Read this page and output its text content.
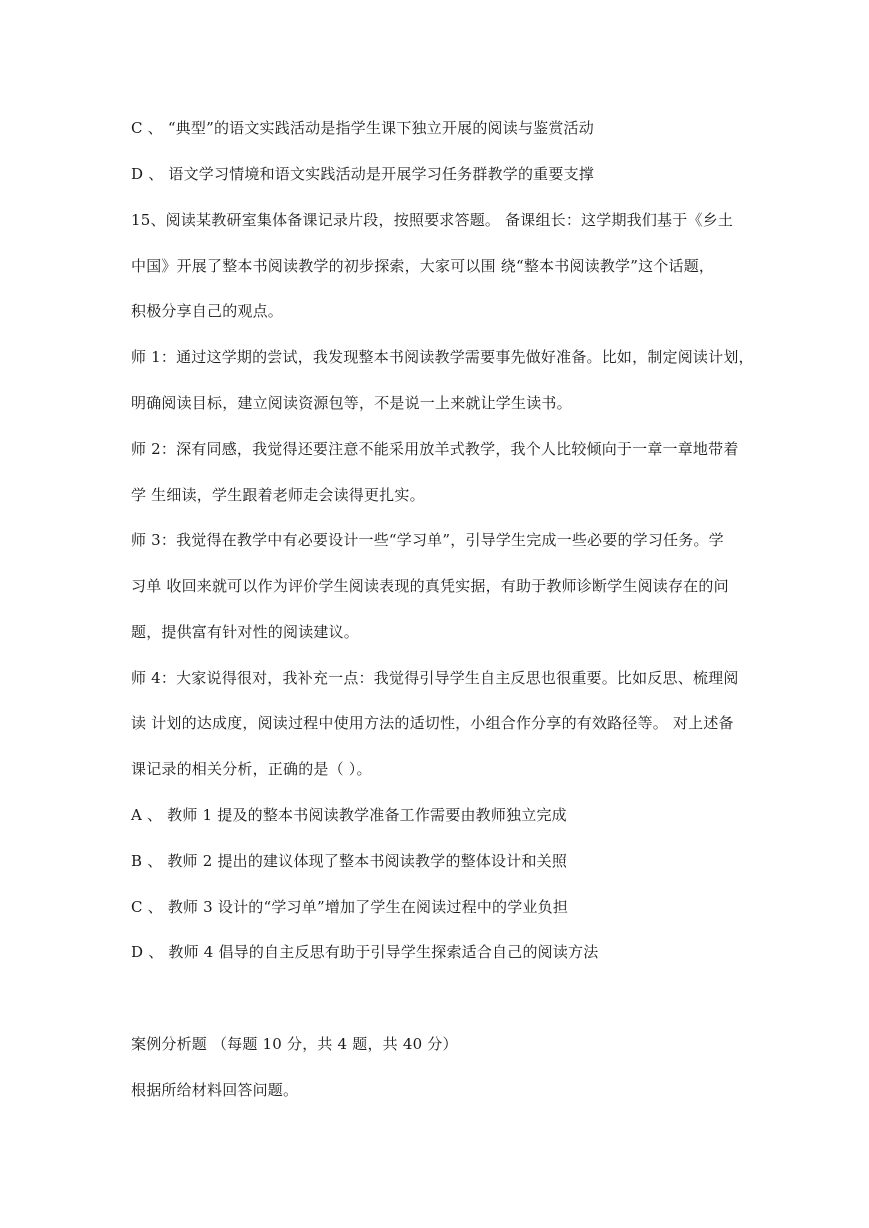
C 、 “典型”的语文实践活动是指学生课下独立开展的阅读与鉴赏活动
D 、 语文学习情境和语文实践活动是开展学习任务群教学的重要支撑
15、阅读某教研室集体备课记录片段，按照要求答题。 备课组长：这学期我们基于《乡土
中国》开展了整本书阅读教学的初步探索，大家可以围 绕“整本书阅读教学”这个话题，
积极分享自己的观点。
师 1：通过这学期的尝试，我发现整本书阅读教学需要事先做好准备。比如，制定阅读计划，
明确阅读目标，建立阅读资源包等，不是说一上来就让学生读书。
师 2：深有同感，我觉得还要注意不能采用放羊式教学，我个人比较倾向于一章一章地带着
学 生细读，学生跟着老师走会读得更扎实。
师 3：我觉得在教学中有必要设计一些“学习单”，引导学生完成一些必要的学习任务。学
习单 收回来就可以作为评价学生阅读表现的真凭实据，有助于教师诊断学生阅读存在的问
题，提供富有针对性的阅读建议。
师 4：大家说得很对，我补充一点：我觉得引导学生自主反思也很重要。比如反思、梳理阅
读 计划的达成度，阅读过程中使用方法的适切性，小组合作分享的有效路径等。 对上述备
课记录的相关分析，正确的是（ ）。
A 、 教师 1 提及的整本书阅读教学准备工作需要由教师独立完成
B 、 教师 2 提出的建议体现了整本书阅读教学的整体设计和关照
C 、 教师 3 设计的“学习单”增加了学生在阅读过程中的学业负担
D 、 教师 4 倡导的自主反思有助于引导学生探索适合自己的阅读方法
案例分析题 （每题 10 分，共 4 题，共 40 分）
根据所给材料回答问题。
